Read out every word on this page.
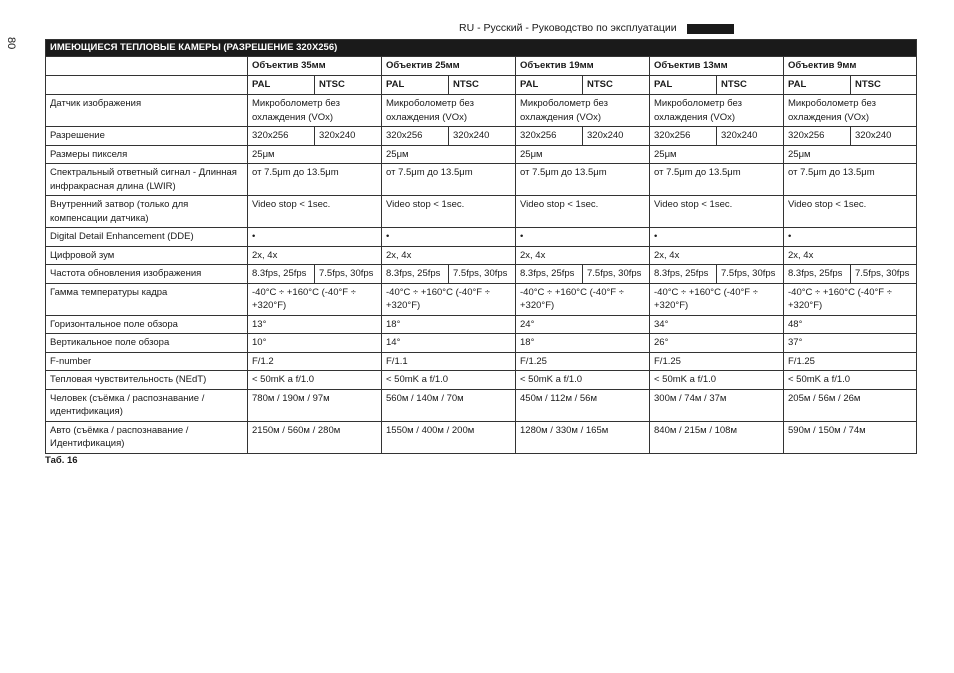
80
RU - Русский - Руководство по эксплуатации
ИМЕЮЩИЕСЯ ТЕПЛОВЫЕ КАМЕРЫ (РАЗРЕШЕНИЕ 320X256)										
	Объектив 35мм		Объектив 25мм		Объектив 19мм		Объектив 13мм		Объектив 9мм	
	PAL	NTSC	PAL	NTSC	PAL	NTSC	PAL	NTSC	PAL	NTSC
Датчик изображения	Микроболометр без охлаждения (VOx)		Микроболометр без охлаждения (VOx)		Микроболометр без охлаждения (VOx)		Микроболометр без охлаждения (VOx)		Микроболометр без охлаждения (VOx)	
Разрешение	320x256	320x240	320x256	320x240	320x256	320x240	320x256	320x240	320x256	320x240
Размеры пикселя	25μм		25μм		25μм		25μм		25μм	
Спектральный ответный сигнал - Длинная инфракрасная длина (LWIR)	от 7.5μm до 13.5μm		от 7.5μm до 13.5μm		от 7.5μm до 13.5μm		от 7.5μm до 13.5μm		от 7.5μm до 13.5μm	
Внутренний затвор (только для компенсации датчика)	Video stop < 1sec.		Video stop < 1sec.		Video stop < 1sec.		Video stop < 1sec.		Video stop < 1sec.	
Digital Detail Enhancement (DDE)	•		•		•		•		•	
Цифровой зум	2x, 4x		2x, 4x		2x, 4x		2x, 4x		2x, 4x	
Частота обновления изображения	8.3fps, 25fps	7.5fps, 30fps	8.3fps, 25fps	7.5fps, 30fps	8.3fps, 25fps	7.5fps, 30fps	8.3fps, 25fps	7.5fps, 30fps	8.3fps, 25fps	7.5fps, 30fps
Гамма температуры кадра	-40°C ÷ +160°C (-40°F ÷ +320°F)		-40°C ÷ +160°C (-40°F ÷ +320°F)		-40°C ÷ +160°C (-40°F ÷ +320°F)		-40°C ÷ +160°C (-40°F ÷ +320°F)		-40°C ÷ +160°C (-40°F ÷ +320°F)	
Горизонтальное поле обзора	13°		18°		24°		34°		48°	
Вертикальное поле обзора	10°		14°		18°		26°		37°	
F-number	F/1.2		F/1.1		F/1.25		F/1.25		F/1.25	
Тепловая чувствительность (NEdT)	< 50mK a f/1.0		< 50mK a f/1.0		< 50mK a f/1.0		< 50mK a f/1.0		< 50mK a f/1.0	
Человек (съёмка / распознавание / идентификация)	780м / 190м / 97м		560м / 140м / 70м		450м / 112м / 56м		300м / 74м / 37м		205м / 56м / 26м	
Авто (съёмка / распознавание / Идентификация)	2150м / 560м / 280м		1550м / 400м / 200м		1280м / 330м / 165м		840м / 215м / 108м		590м / 150м / 74м	
Таб. 16
